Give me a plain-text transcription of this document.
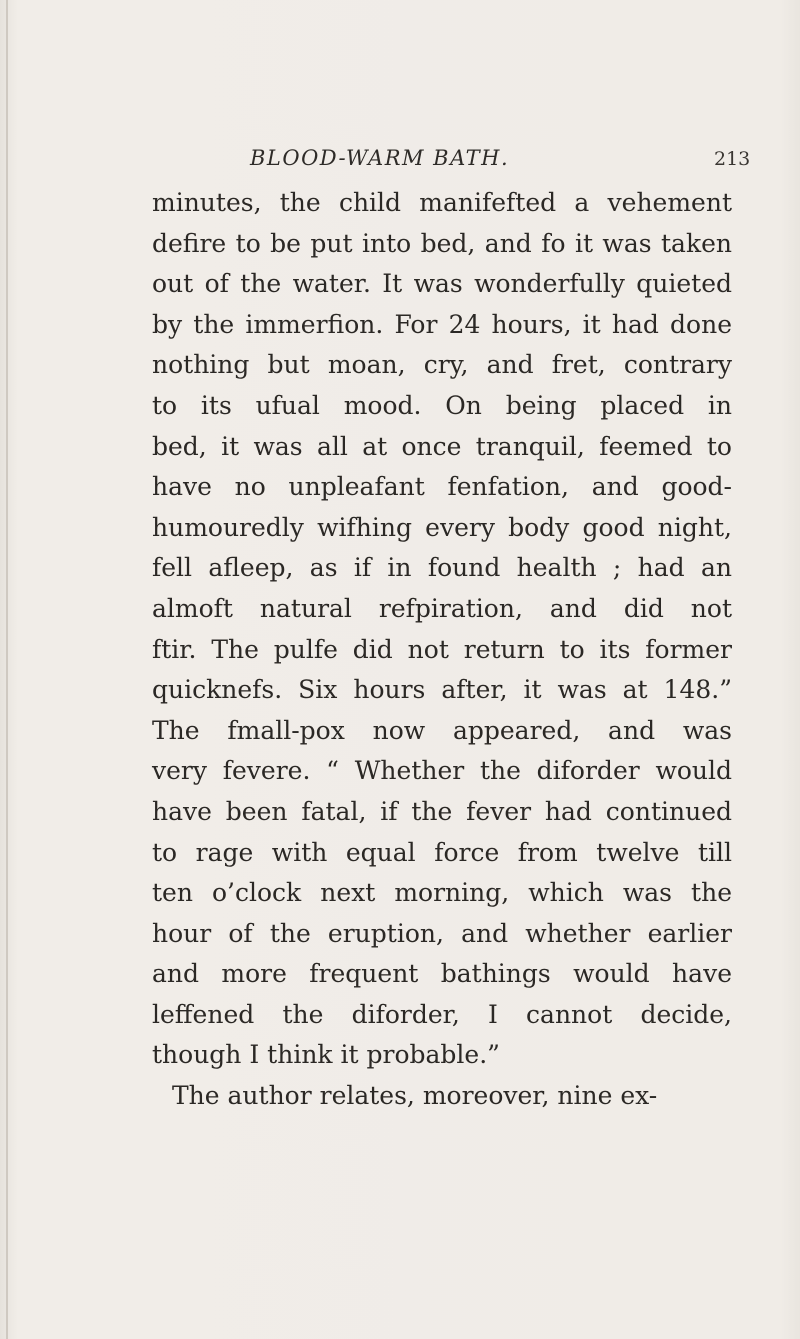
BLOOD-WARM BATH.	213
minutes, the child manifefted a vehement
defire to be put into bed, and fo it was taken
out of the water. It was wonderfully quieted
by the immerfion. For 24 hours, it had done
nothing but moan, cry, and fret, contrary
to its ufual mood. On being placed in
bed, it was all at once tranquil, feemed to
have no unpleafant fenfation, and good-
humouredly wifhing every body good night,
fell afleep, as if in found health ; had an
almoft natural refpiration, and did not
ftir. The pulfe did not return to its former
quicknefs. Six hours after, it was at 148.”
The fmall-pox now appeared, and was
very fevere. “ Whether the diforder would
have been fatal, if the fever had continued
to rage with equal force from twelve till
ten o’clock next morning, which was the
hour of the eruption, and whether earlier
and more frequent bathings would have
leffened the diforder, I cannot decide,
though I think it probable.”
The author relates, moreover, nine ex-
